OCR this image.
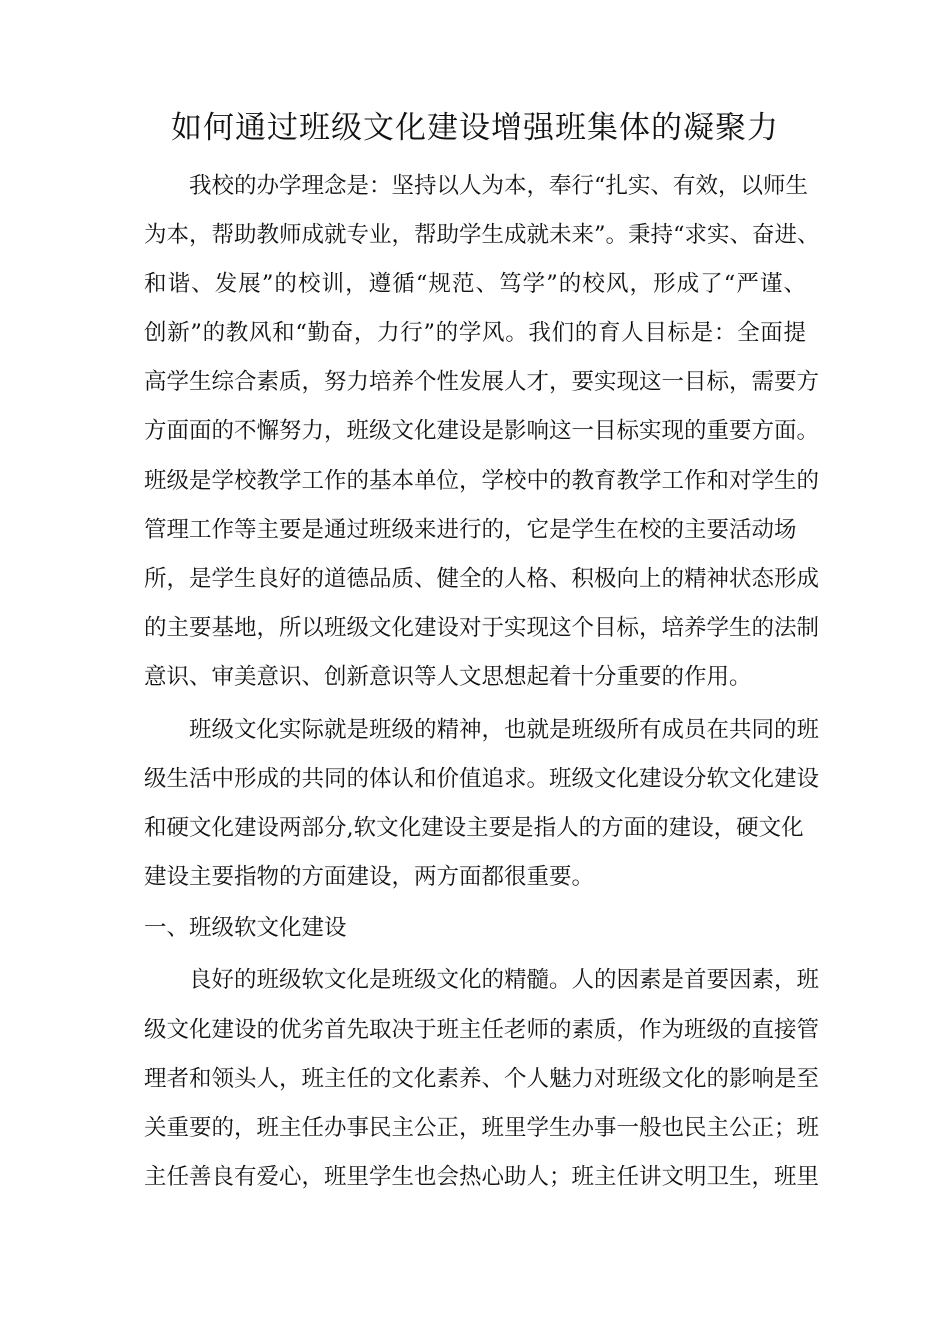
如何通过班级文化建设增强班集体的凝聚力
我校的办学理念是：坚持以人为本，奉行“扎实、有效，以师生
为本，帮助教师成就专业，帮助学生成就未来”。秉持“求实、奋进、
和谐、发展”的校训，遵循“规范、笃学”的校风，形成了“严谨、
创新”的教风和“勤奋，力行”的学风。我们的育人目标是：全面提
高学生综合素质，努力培养个性发展人才，要实现这一目标，需要方
方面面的不懈努力，班级文化建设是影响这一目标实现的重要方面。
班级是学校教学工作的基本单位，学校中的教育教学工作和对学生的
管理工作等主要是通过班级来进行的，它是学生在校的主要活动场
所，是学生良好的道德品质、健全的人格、积极向上的精神状态形成
的主要基地，所以班级文化建设对于实现这个目标，培养学生的法制
意识、审美意识、创新意识等人文思想起着十分重要的作用。
班级文化实际就是班级的精神，也就是班级所有成员在共同的班
级生活中形成的共同的体认和价值追求。班级文化建设分软文化建设
和硬文化建设两部分,软文化建设主要是指人的方面的建设，硬文化
建设主要指物的方面建设，两方面都很重要。
一、班级软文化建设
良好的班级软文化是班级文化的精髓。人的因素是首要因素，班
级文化建设的优劣首先取决于班主任老师的素质，作为班级的直接管
理者和领头人，班主任的文化素养、个人魅力对班级文化的影响是至
关重要的，班主任办事民主公正，班里学生办事一般也民主公正；班
主任善良有爱心，班里学生也会热心助人；班主任讲文明卫生，班里
